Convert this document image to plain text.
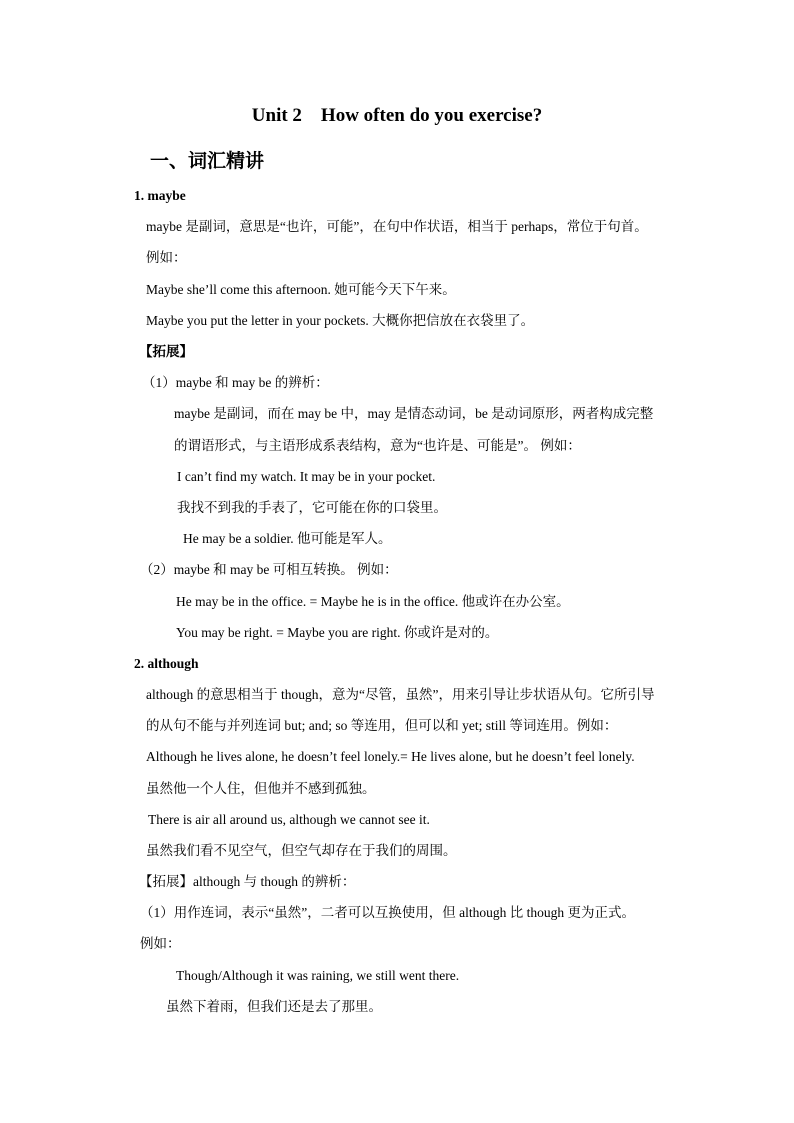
Unit 2    How often do you exercise?
一、词汇精讲
1. maybe
maybe 是副词，意思是“也许，可能”，在句中作状语，相当于 perhaps，常位于句首。
例如：
Maybe she’ll come this afternoon. 她可能今天下午来。
Maybe you put the letter in your pockets. 大概你把信放在衣袋里了。
【拓展】
（1）maybe 和 may be 的辨析：
maybe 是副词，而在 may be 中，may 是情态动词，be 是动词原形，两者构成完整
的谓语形式，与主语形成系表结构，意为“也许是、可能是”。 例如：
I can’t find my watch. It may be in your pocket.
我找不到我的手表了，它可能在你的口袋里。
He may be a soldier. 他可能是军人。
（2）maybe 和 may be 可相互转换。 例如：
He may be in the office. = Maybe he is in the office. 他或许在办公室。
You may be right. = Maybe you are right. 你或许是对的。
2. although
although 的意思相当于 though，意为“尽管，虽然”，用来引导让步状语从句。它所引导
的从句不能与并列连词 but; and; so 等连用，但可以和 yet; still 等词连用。例如：
Although he lives alone, he doesn’t feel lonely.= He lives alone, but he doesn’t feel lonely.
虽然他一个人住，但他并不感到孤独。
There is air all around us, although we cannot see it.
虽然我们看不见空气，但空气却存在于我们的周围。
【拓展】although 与 though 的辨析：
（1）用作连词，表示“虽然”，二者可以互换使用，但 although 比 though 更为正式。
例如：
Though/Although it was raining, we still went there.
虽然下着雨，但我们还是去了那里。
